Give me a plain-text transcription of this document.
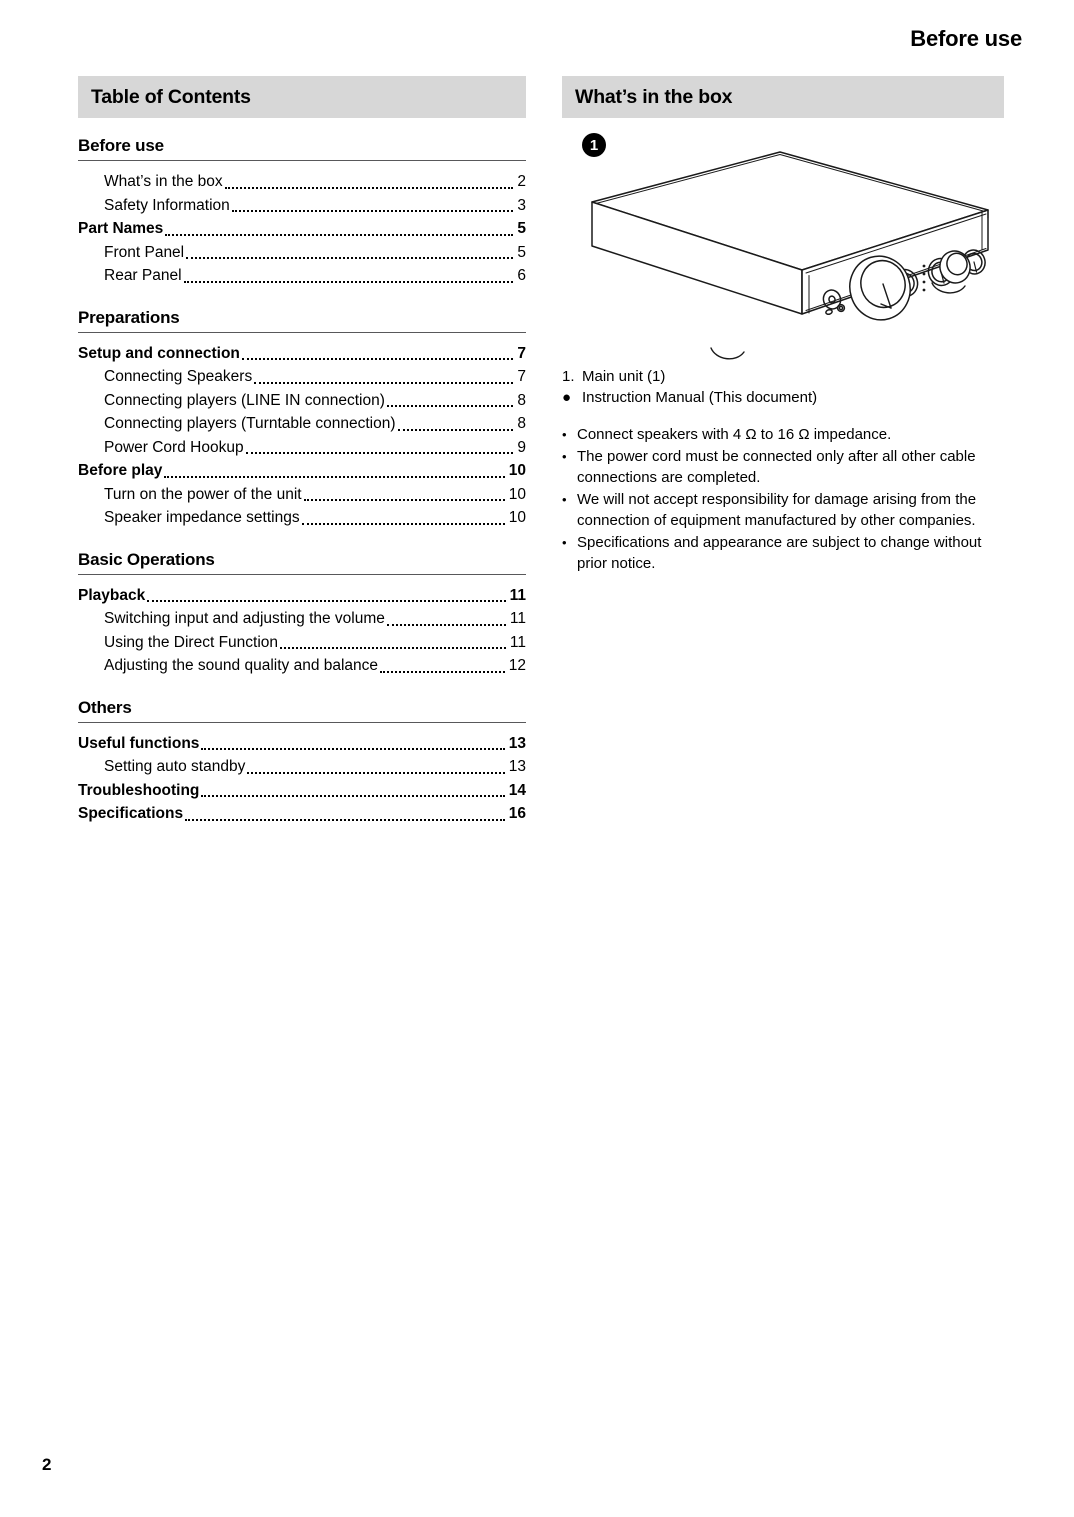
Before use
Table of Contents
Before use
What’s in the box	2
Safety Information	3
Part Names	5
Front Panel	5
Rear Panel	6
Preparations
Setup and connection	7
Connecting Speakers	7
Connecting players (LINE IN connection)	8
Connecting players (Turntable connection)	8
Power Cord Hookup	9
Before play	10
Turn on the power of the unit	10
Speaker impedance settings	10
Basic Operations
Playback	11
Switching input and adjusting the volume	11
Using the Direct Function	11
Adjusting the sound quality and balance	12
Others
Useful functions	13
Setting auto standby	13
Troubleshooting	14
Specifications	16
What’s in the box
1
1. Main unit (1)
● Instruction Manual (This document)
• Connect speakers with 4 Ω to 16 Ω impedance.
• The power cord must be connected only after all other cable connections are completed.
• We will not accept responsibility for damage arising from the connection of equipment manufactured by other companies.
• Specifications and appearance are subject to change without prior notice.
2
